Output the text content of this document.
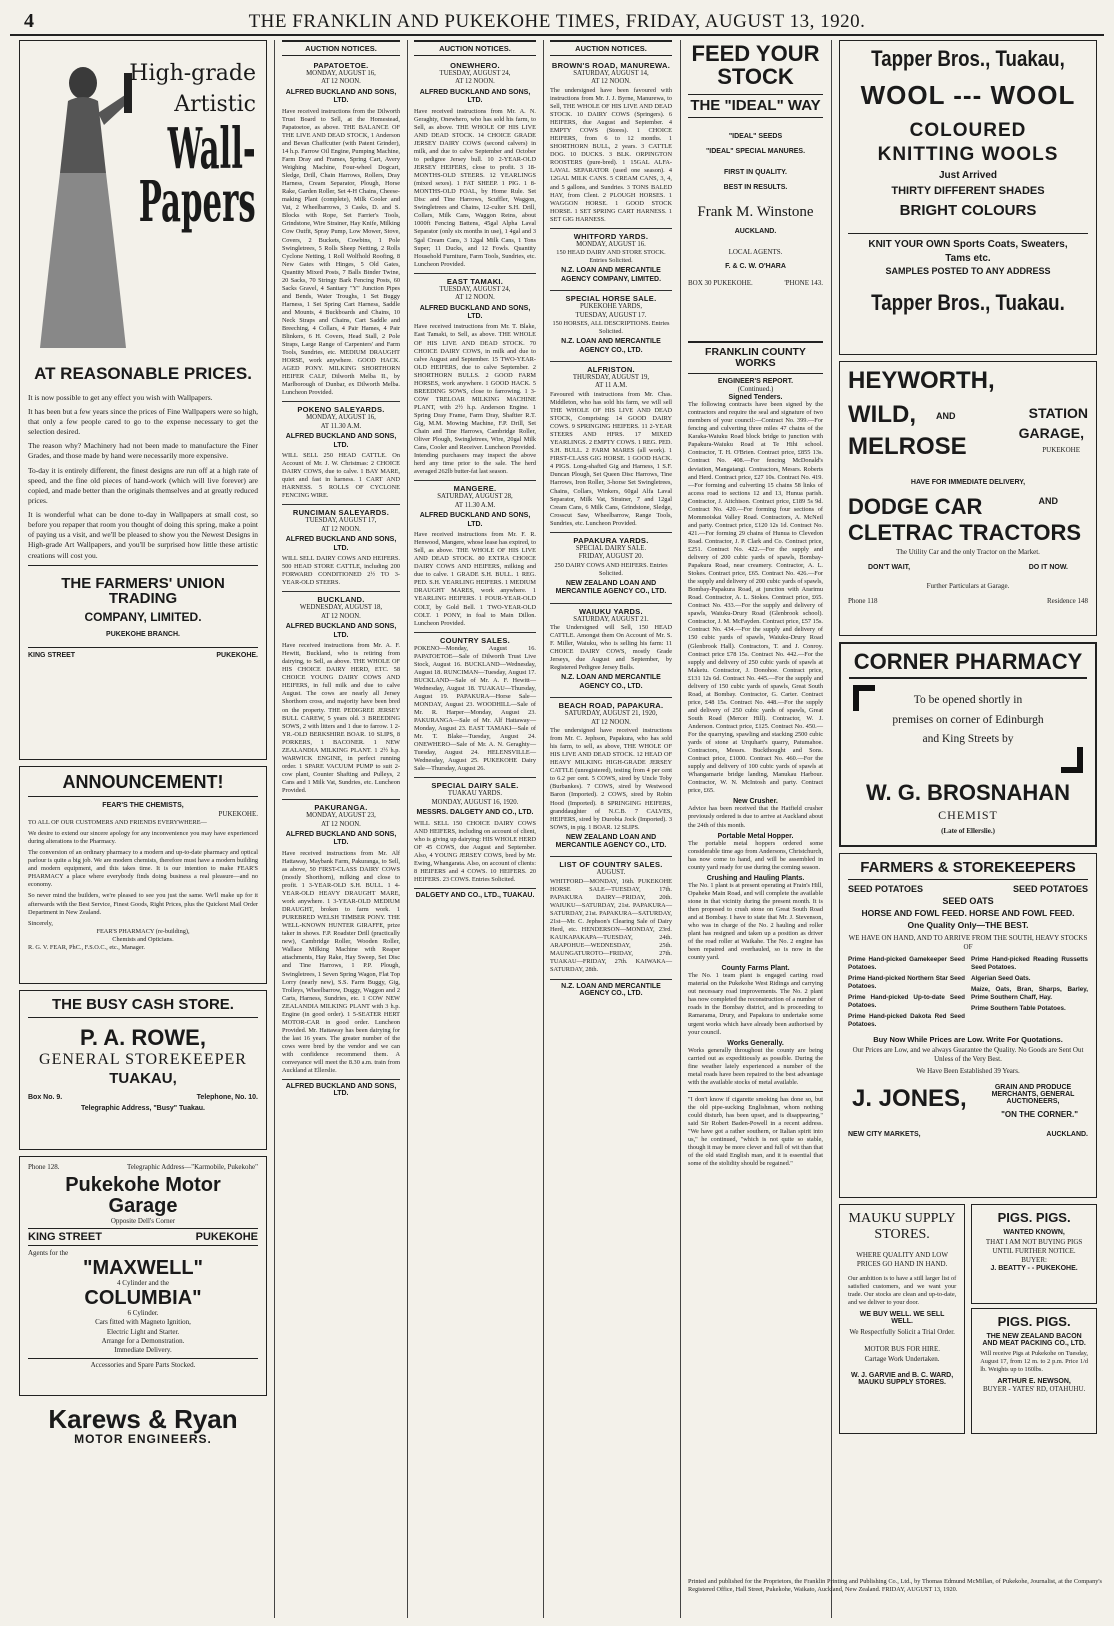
4	THE FRANKLIN AND PUKEKOHE TIMES, FRIDAY, AUGUST 13, 1920.
High-grade
Artistic
Wall-
Papers
AT REASONABLE PRICES.
It is now possible to get any effect you wish with Wallpapers.
It has been but a few years since the prices of Fine Wallpapers were so high, that only a few people cared to go to the expense necessary to get the selection desired.
The reason why? Machinery had not been made to manufacture the Finer Grades, and those made by hand were necessarily more expensive.
To-day it is entirely different, the finest designs are run off at a high rate of speed, and the fine old pieces of hand-work (which will live forever) are copied, and made better than the originals themselves and at greatly reduced prices.
It is wonderful what can be done to-day in Wallpapers at small cost, so before you repaper that room you thought of doing this spring, make a point of paying us a visit, and we'll be pleased to show you the Newest Designs in High-grade Art Wallpapers, and you'll be surprised how little these artistic creations will cost you.
THE FARMERS' UNION TRADING
COMPANY, LIMITED.
PUKEKOHE BRANCH.
KING STREET	PUKEKOHE.
ANNOUNCEMENT!
FEAR'S THE CHEMISTS,
PUKEKOHE.
TO ALL OF OUR CUSTOMERS AND FRIENDS EVERYWHERE—
We desire to extend our sincere apology for any inconvenience you may have experienced during alterations to the Pharmacy.
The conversion of an ordinary pharmacy to a modern and up-to-date pharmacy and optical parlour is quite a big job. We are modern chemists, therefore must have a modern building and modern equipment, and this takes time. It is our intention to make FEAR'S PHARMACY a place where everybody finds doing business a real pleasure—and no economy.
So never mind the builders, we're pleased to see you just the same. We'll make up for it afterwards with the Best Service, Finest Goods, Right Prices, plus the Quickest Mail Order Department in New Zealand.
Sincerely,
FEAR'S PHARMACY (re-building),
Chemists and Opticians.
R. G. V. FEAR, PhC., F.S.O.C., etc., Manager.
THE BUSY CASH STORE.
P. A. ROWE,
GENERAL STOREKEEPER
TUAKAU,
Box No. 9.	Telephone, No. 10.
Telegraphic Address, "Busy" Tuakau.
Phone 128.	Telegraphic Address—"Karmobile, Pukekohe"
Pukekohe Motor Garage
Opposite Dell's Corner
KING STREET	PUKEKOHE
Agents for the
"MAXWELL"
4 Cylinder and the
COLUMBIA"
6 Cylinder.
Cars fitted with Magneto Ignition,
Electric Light and Starter.
Arrange for a Demonstration.
Immediate Delivery.
Accessories and Spare Parts Stocked.
Karews & Ryan
MOTOR ENGINEERS.
AUCTION NOTICES.
PAPATOETOE.
MONDAY, AUGUST 16,
AT 12 NOON.
ALFRED BUCKLAND AND SONS, LTD.
Have received instructions from the Dilworth Trust Board to Sell, at the Homestead, Papatoetoe, as above. THE BALANCE OF THE LIVE AND DEAD STOCK, 1 Anderson and Bevan Chaffcutter (with Patent Grinder), 14 h.p. Farrow Oil Engine, Pumping Machine, Farm Dray and Frames, Spring Cart, Avery Weighing Machine, Four-wheel Dogcart, Sledge, Drill, Chain Harrows, Rollers, Dray Harness, Cream Separator, Plough, Horse Rake, Garden Roller, Set 4-H Chains, Cheese-making Plant (complete), Milk Cooler and Vat, 2 Wheelbarrows, 3 Casks, D. and S. Blocks with Rope, Set Farrier's Tools, Grindstone, Wire Strainer, Hay Knife, Milking Cow Outfit, Spray Pump, Low Mower, Stove, Covers, 2 Buckets, Cowbins, 1 Pole Swingletrees, 5 Rolls Sheep Netting, 2 Rolls Cyclone Netting, 1 Roll Wolfhold Roofing, 8 New Gates with Hinges, 5 Old Gates, Quantity Mixed Posts, 7 Balls Binder Twine, 20 Sacks, 70 Stringy Bark Fencing Posts, 60 Sacks Gravel, 4 Sanitary "Y" Junction Pipes and Bends, Water Troughs, 1 Set Buggy Harness, 1 Set Spring Cart Harness, Saddle and Mounts, 4 Buckboards and Chains, 10 Neck Straps and Chains, Cart Saddle and Breeching, 4 Collars, 4 Pair Hames, 4 Pair Blinkers, 6 H. Covers, Head Stall, 2 Pole Straps, Large Range of Carpenters' and Farm Tools, Sundries, etc. MEDIUM DRAUGHT HORSE, work anywhere. GOOD HACK. AGED PONY. MILKING SHORTHORN HEIFER CALF, Dilworth Melba II., by Marlborough of Dunbar, ex Dilworth Melba. Luncheon Provided.
POKENO SALEYARDS.
MONDAY, AUGUST 16,
AT 11.30 A.M.
ALFRED BUCKLAND AND SONS, LTD.
WILL SELL 250 HEAD CATTLE. On Account of Mr. J. W. Christmas: 2 CHOICE DAIRY COWS, due to calve. 1 BAY MARE, quiet and fast in harness. 1 CART AND HARNESS. 5 ROLLS OF CYCLONE FENCING WIRE.
RUNCIMAN SALEYARDS.
TUESDAY, AUGUST 17,
AT 12 NOON.
ALFRED BUCKLAND AND SONS, LTD.
WILL SELL DAIRY COWS AND HEIFERS. 500 HEAD STORE CATTLE, including 200 FORWARD CONDITIONED 2½ TO 3-YEAR-OLD STEERS.
BUCKLAND.
WEDNESDAY, AUGUST 18,
AT 12 NOON.
ALFRED BUCKLAND AND SONS, LTD.
Have received instructions from Mr. A. F. Hewitt, Buckland, who is retiring from dairying, to Sell, as above. THE WHOLE OF HIS CHOICE DAIRY HERD, ETC. 58 CHOICE YOUNG DAIRY COWS AND HEIFERS, in full milk and due to calve August. The cows are nearly all Jersey Shorthorn cross, and majority have been bred on the property. THE PEDIGREE JERSEY BULL CAREW, 5 years old. 3 BREEDING SOWS, 2 with litters and 1 due to farrow. 1 2-YR.-OLD BERKSHIRE BOAR. 10 SLIPS, 8 PORKERS, 1 BACONER. 1 NEW ZEALANDIA MILKING PLANT. 1 2½ h.p. WARWICK ENGINE, in perfect running order. 1 SPARE VACUUM PUMP to suit 2-cow plant, Counter Shafting and Pulleys, 2 Cans and 1 Milk Vat, Sundries, etc. Luncheon Provided.
PAKURANGA.
MONDAY, AUGUST 23,
AT 12 NOON.
ALFRED BUCKLAND AND SONS, LTD.
Have received instructions from Mr. Alf Hattaway, Maybank Farm, Pakuranga, to Sell, as above, 50 FIRST-CLASS DAIRY COWS (mostly Shorthorn), milking and close to profit. 1 3-YEAR-OLD S.H. BULL. 1 4-YEAR-OLD HEAVY DRAUGHT MARE, work anywhere. 1 3-YEAR-OLD MEDIUM DRAUGHT, broken to farm work. 1 PUREBRED WELSH TIMBER PONY. THE WELL-KNOWN HUNTER GIRAFFE, prize taker in shows. F.P. Roadster Drill (practically new), Cambridge Roller, Wooden Roller, Wallace Milking Machine with Reaper attachments, Hay Rake, Hay Sweep, Set Disc and Tine Harrows, 1 P.P. Plough, Swingletrees, 1 Seven Spring Wagon, Flat Top Lorry (nearly new), S.S. Farm Buggy, Gig, Trolleys, Wheelbarrow, Duggy, Waggon and 2 Carts, Harness, Sundries, etc. 1 COW NEW ZEALANDIA MILKING PLANT with 3 h.p. Engine (in good order). 1 5-SEATER HERT MOTOR-CAR in good order. Luncheon Provided. Mr. Hattaway has been dairying for the last 16 years. The greater number of the cows were bred by the vendor and we can with confidence recommend them. A conveyance will meet the 8.30 a.m. train from Auckland at Ellerslie.
ALFRED BUCKLAND AND SONS, LTD.
AUCTION NOTICES.
ONEWHERO.
TUESDAY, AUGUST 24,
AT 12 NOON.
ALFRED BUCKLAND AND SONS, LTD.
Have received instructions from Mr. A. N. Geraghty, Onewhero, who has sold his farm, to Sell, as above. THE WHOLE OF HIS LIVE AND DEAD STOCK. 14 CHOICE GRADE JERSEY DAIRY COWS (second calvers) in milk, and due to calve September and October to pedigree Jersey bull. 10 2-YEAR-OLD JERSEY HEIFERS, close to profit. 3 18-MONTHS-OLD STEERS. 12 YEARLINGS (mixed sexes). 1 FAT SHEEP. 1 PIG. 1 8-MONTHS-OLD FOAL, by Home Rule. Set Disc and Tine Harrows, Scuffler, Waggon, Swingletrees and Chains, 12-culter S.H. Drill, Collars, Milk Cans, Waggon Reins, about 1000ft Fencing Battens, 45gal Alpha Laval Separator (only six months in use), 1 4gal and 3 5gal Cream Cans, 3 12gal Milk Cans, 1 Tons Super; 11 Ducks, and 12 Fowls. Quantity Household Furniture, Farm Tools, Sundries, etc. Luncheon Provided.
EAST TAMAKI.
TUESDAY, AUGUST 24,
AT 12 NOON.
ALFRED BUCKLAND AND SONS, LTD.
Have received instructions from Mr. T. Blake, East Tamaki, to Sell, as above. THE WHOLE OF HIS LIVE AND DEAD STOCK. 70 CHOICE DAIRY COWS, in milk and due to calve August and September. 15 TWO-YEAR-OLD HEIFERS, due to calve September. 2 SHORTHORN BULLS. 2 GOOD FARM HORSES, work anywhere. 1 GOOD HACK. 5 BREEDING SOWS, close to farrowing. 1 3-COW TRELOAR MILKING MACHINE PLANT, with 2½ h.p. Anderson Engine. 1 Spring Dray Frame, Farm Dray, Shaftter R.T. Gig, M.M. Mowing Machine, F.P. Drill, Set Chain and Tine Harrows, Cambridge Roller, Oliver Plough, Swingletrees, Wire, 20gal Milk Cans, Cooler and Receiver. Luncheon Provided. Intending purchasers may inspect the above herd any time prior to the sale. The herd averaged 262lb butter-fat last season.
MANGERE.
SATURDAY, AUGUST 28,
AT 11.30 A.M.
ALFRED BUCKLAND AND SONS, LTD.
Have received instructions from Mr. F. R. Henwood, Mangere, whose lease has expired, to Sell, as above. THE WHOLE OF HIS LIVE AND DEAD STOCK. 80 EXTRA CHOICE DAIRY COWS AND HEIFERS, milking and due to calve. 1 GRADE S.H. BULL. 1 REG. PED. S.H. YEARLING HEIFERS. 1 MEDIUM DRAUGHT MARES, work anywhere. 1 YEARLING HEIFERS. 1 FOUR-YEAR-OLD COLT, by Gold Bell. 1 TWO-YEAR-OLD COLT. 1 PONY, in foal to Main Dillon. Luncheon Provided.
COUNTRY SALES.
POKENO—Monday, August 16. PAPATOETOE—Sale of Dilworth Trust Live Stock, August 16. BUCKLAND—Wednesday, August 18. RUNCIMAN—Tuesday, August 17. BUCKLAND—Sale of Mr. A. F. Hewitt—Wednesday, August 18. TUAKAU—Thursday, August 19. PAPAKURA—Horse Sale—MONDAY, August 23. WOODHILL—Sale of Mr. R. Harper—Monday, August 23. PAKURANGA—Sale of Mr. Alf Hattaway—Monday, August 23. EAST TAMAKI—Sale of Mr. T. Blake—Tuesday, August 24. ONEWHERO—Sale of Mr. A. N. Geraghty—Tuesday, August 24. HELENSVILLE—Wednesday, August 25. PUKEKOHE Dairy Sale—Thursday, August 26.
SPECIAL DAIRY SALE.
TUAKAU YARDS.
MONDAY, AUGUST 16, 1920.
MESSRS. DALGETY AND CO., LTD.
WILL SELL 150 CHOICE DAIRY COWS AND HEIFERS, including on account of client, who is giving up dairying: HIS WHOLE HERD OF 45 COWS, due August and September. Also, 4 YOUNG JERSEY COWS, bred by Mr. Ewing, Whangarata. Also, on account of clients: 8 HEIFERS and 4 COWS. 10 HEIFERS. 20 HEIFERS. 23 COWS. Entries Solicited.
DALGETY AND CO., LTD., TUAKAU.
AUCTION NOTICES.
BROWN'S ROAD, MANUREWA.
SATURDAY, AUGUST 14,
AT 12 NOON.
The undersigned have been favoured with instructions from Mr. J. J. Byrne, Manurewa, to Sell, THE WHOLE OF HIS LIVE AND DEAD STOCK. 10 DAIRY COWS (Springers). 6 HEIFERS, due August and September. 4 EMPTY COWS (Stores). 1 CHOICE HEIFERS, from 6 to 12 months. 1 SHORTHORN BULL, 2 years. 3 CATTLE DOG. 10 DUCKS. 3 BLK. ORPINGTON ROOSTERS (pure-bred). 1 15GAL ALFA-LAVAL SEPARATOR (used one season). 4 12GAL MILK CANS. 5 CREAM CANS, 3, 4, and 5 gallons, and Sundries. 3 TONS BALED HAY, from Clent. 2 PLOUGH HORSES. 1 WAGGON HORSE. 1 GOOD STOCK HORSE. 1 SET SPRING CART HARNESS. 1 SET GIG HARNESS.
WHITFORD YARDS.
MONDAY, AUGUST 16.
150 HEAD DAIRY AND STORE STOCK. Entries Solicited.
N.Z. LOAN AND MERCANTILE AGENCY COMPANY, LIMITED.
SPECIAL HORSE SALE.
PUKEKOHE YARDS,
TUESDAY, AUGUST 17.
150 HORSES, ALL DESCRIPTIONS. Entries Solicited.
N.Z. LOAN AND MERCANTILE AGENCY CO., LTD.
ALFRISTON.
THURSDAY, AUGUST 19,
AT 11 A.M.
Favoured with instructions from Mr. Chas. Middleton, who has sold his farm, we will sell THE WHOLE OF HIS LIVE AND DEAD STOCK, Comprising: 14 GOOD DAIRY COWS. 9 SPRINGING HEIFERS. 11 2-YEAR STEERS AND HFRS. 17 MIXED YEARLINGS. 2 EMPTY COWS. 1 REG. PED. S.H. BULL. 2 FARM MARES (all work). 1 FIRST-CLASS GIG HORSE. 1 GOOD HACK. 4 PIGS. Long-shafted Gig and Harness, 1 S.F. Duncan Plough, Set Queen Disc Harrows, Tine Harrows, Iron Roller, 3-horse Set Swingletrees, Chains, Collars, Winkers, 60gal Alfa Laval Separator, Milk Vat, Strainer, 7 and 12gal Cream Cans, 6 Milk Cans, Grindstone, Sledge, Crosscut Saw, Wheelbarrow, Range Tools, Sundries, etc. Luncheon Provided.
PAPAKURA YARDS.
SPECIAL DAIRY SALE.
FRIDAY, AUGUST 20.
250 DAIRY COWS AND HEIFERS. Entries Solicited.
NEW ZEALAND LOAN AND MERCANTILE AGENCY CO., LTD.
WAIUKU YARDS.
SATURDAY, AUGUST 21.
The Undersigned will Sell, 150 HEAD CATTLE. Amongst them On Account of Mr. S. F. Miller, Waiuku, who is selling his farm: 11 CHOICE DAIRY COWS, mostly Grade Jerseys, due August and September, by Registered Pedigree Jersey Bulls.
N.Z. LOAN AND MERCANTILE AGENCY CO., LTD.
BEACH ROAD, PAPAKURA.
SATURDAY, AUGUST 21, 1920,
AT 12 NOON.
The undersigned have received instructions from Mr. C. Jephson, Papakura, who has sold his farm, to sell, as above, THE WHOLE OF HIS LIVE AND DEAD STOCK. 12 HEAD OF HEAVY MILKING HIGH-GRADE JERSEY CATTLE (unregistered), testing from 4 per cent to 6.2 per cent. 5 COWS, sired by Uncle Toby (Burbankes). 7 COWS, sired by Westwood Baron (Imported). 2 COWS, sired by Robin Hood (Imported). 8 SPRINGING HEIFERS, granddaughter of N.C.B. 7 CALVES, HEIFERS, sired by Durobia Jock (Imported). 3 SOWS, in pig. 1 BOAR. 12 SLIPS.
NEW ZEALAND LOAN AND MERCANTILE AGENCY CO., LTD.
LIST OF COUNTRY SALES.
AUGUST.
WHITFORD—MONDAY, 16th. PUKEKOHE HORSE SALE—TUESDAY, 17th. PAPAKURA DAIRY—FRIDAY, 20th. WAIUKU—SATURDAY, 21st. PAPAKURA—SATURDAY, 21st. PAPAKURA—SATURDAY, 21st—Mr. C. Jephson's Clearing Sale of Dairy Herd, etc. HENDERSON—MONDAY, 23rd. KAUKAPAKAPA—TUESDAY, 24th. ARAPOHUE—WEDNESDAY, 25th. MAUNGATUROTO—FRIDAY, 27th. TUAKAU—FRIDAY, 27th. KAIWAKA—SATURDAY, 28th.
N.Z. LOAN AND MERCANTILE AGENCY CO., LTD.
FEED YOUR
STOCK
THE "IDEAL" WAY
"IDEAL" SEEDS
"IDEAL" SPECIAL MANURES.
FIRST IN QUALITY.
BEST IN RESULTS.
Frank M. Winstone
AUCKLAND.
LOCAL AGENTS.
F. & C. W. O'HARA
BOX 30 PUKEKOHE.	'PHONE 143.
FRANKLIN COUNTY WORKS
ENGINEER'S REPORT.
(Continued.)
Signed Tenders.
The following contracts have been signed by the contractors and require the seal and signature of two members of your council:—Contract No. 399.—For fencing and culverting three miles 47 chains of the Karaka-Waiuku Road block bridge to junction with Papakura-Waiuku Road at Te Hihi school. Contractor, T. H. O'Brien. Contract price, £855 13s. Contract No. 408.—For fencing McDonald's deviation, Mangatangi. Contractors, Messrs. Roberts and Herd. Contract price, £27 10s. Contract No. 419.—For forming and culverting 15 chains 58 links of access road to sections 12 and 13, Hunua parish. Contractor, J. Aitchison. Contract price, £189 5s 9d. Contract No. 420.—For forming four sections of Mommoiskai Valley Road. Contractors, A. McNeil and party. Contract price, £120 12s 1d. Contract No. 421.—For forming 29 chains of Hunua to Clevedon Road. Contractor, J. P. Clark and Co. Contract price, £251. Contract No. 422.—For the supply and delivery of 200 cubic yards of spawls, Bombay-Papakura Road, near creamery. Contractor, A. L. Stokes. Contract price, £65. Contract No. 426.—For the supply and delivery of 200 cubic yards of spawls, Bombay-Papakura Road, at junction with Ararimu Road. Contractor, A. L. Stokes. Contract price, £65. Contract No. 433.—For the supply and delivery of spawls, Waiuku-Drury Road (Glenbrook school). Contractor, J. M. McFayden. Contract price, £57 15s. Contract No. 434.—For the supply and delivery of 150 cubic yards of spawls, Waiuku-Drury Road (Glenbrook Hall). Contractors, T. and J. Conroy. Contract price £78 15s. Contract No. 442.—For the supply and delivery of 250 cubic yards of spawls at Maketu. Contractor, J. Donohoe. Contract price, £131 12s 6d. Contract No. 445.—For the supply and delivery of 150 cubic yards of spawls, Great South Road, at Bombay. Contractor, G. Carter. Contract price, £48 15s. Contract No. 448.—For the supply and delivery of 250 cubic yards of spawls, Great South Road (Mercer Hill). Contractor, W. J. Anderson. Contract price, £125. Contract No. 450.—For the quarrying, spawling and stacking 2500 cubic yards of stone at Urquhart's quarry, Patumahoe. Contractors, Messrs. Buckthought and Sons. Contract price, £1000. Contract No. 460.—For the supply and delivery of 100 cubic yards of spawls at Whangamarie bridge landing, Manukau Harbour. Contractor, W. N. McIntosh and party. Contract price, £65.
New Crusher.
Advice has been received that the Hatfield crusher previously ordered is due to arrive at Auckland about the 24th of this month.
Portable Metal Hopper.
The portable metal hoppers ordered some considerable time ago from Andersons, Christchurch, has now come to hand, and will be assembled in county yard ready for use during the coming season.
Crushing and Hauling Plants.
The No. 1 plant is at present operating at Frain's Hill, Opaheke Main Road, and will complete the available stone in that vicinity during the present month. It is then proposed to crush stone on Great South Road and at Bombay. I have to state that Mr. J. Stevenson, who was in charge of the No. 2 hauling and roller plant has resigned and taken up a position as driver of the road roller at Waikahe. The No. 2 engine has been repaired and overhauled, so is now in the county yard.
County Farms Plant.
The No. 1 team plant is engaged carting road material on the Pukekohe West Ridings and carrying out necessary road improvements. The No. 2 plant has now completed the reconstruction of a number of roads in the Bombay district, and is proceeding to Ramarama, Drury, and Papakura to undertake some urgent works which have already been authorised by your council.
Works Generally.
Works generally throughout the county are being carried out as expeditiously as possible. During the fine weather lately experienced a number of the metal roads have been repaired to the best advantage with the available stocks of metal available.
"I don't know if cigarette smoking has done so, but the old pipe-sucking Englishman, whom nothing could disturb, has been upset, and is disappearing," said Sir Robert Baden-Powell in a recent address. "We have got a rather southern, or Italian spirit into us," he continued, "which is not quite so stable, though it may be more clever and full of wit than that of the old staid English man, and it is essential that some of the stolidity should be regained."
Tapper Bros., Tuakau,
WOOL --- WOOL
COLOURED
KNITTING WOOLS
Just Arrived
THIRTY DIFFERENT SHADES
BRIGHT COLOURS
KNIT YOUR OWN Sports Coats, Sweaters,
Tams etc.
SAMPLES POSTED TO ANY ADDRESS
Tapper Bros., Tuakau.
HEYWORTH,
WILD, AND
MELROSE
STATION
GARAGE,
PUKEKOHE
HAVE FOR IMMEDIATE DELIVERY,
DODGE CAR	AND
CLETRAC TRACTORS
The Utility Car and the only Tractor on the Market.
DON'T WAIT,	DO IT NOW.
Further Particulars at Garage.
Phone 118	Residence 148
CORNER PHARMACY
To be opened shortly in
premises on corner of Edinburgh
and King Streets by
W. G. BROSNAHAN
CHEMIST
(Late of Ellerslie.)
FARMERS & STOREKEEPERS
SEED POTATOES	SEED POTATOES
SEED OATS
HORSE AND FOWL FEED. HORSE AND FOWL FEED.
One Quality Only—THE BEST.
WE HAVE ON HAND, AND TO ARRIVE FROM THE SOUTH, HEAVY STOCKS OF
Prime Hand-picked Gamekeeper Seed Potatoes.
Prime Hand-picked Northern Star Seed Potatoes.
Prime Hand-picked Up-to-date Seed Potatoes.
Prime Hand-picked Dakota Red Seed Potatoes.
Prime Hand-picked Reading Russetts Seed Potatoes.
Algerian Seed Oats.
Maize, Oats, Bran, Sharps, Barley, Prime Southern Chaff, Hay.
Prime Southern Table Potatoes.
Buy Now While Prices are Low. Write For Quotations.
Our Prices are Low, and we always Guarantee the Quality. No Goods are Sent Out Unless of the Very Best.
We Have Been Established 39 Years.
J. JONES,	GRAIN AND PRODUCE MERCHANTS, GENERAL AUCTIONEERS,
"ON THE CORNER."
NEW CITY MARKETS,	AUCKLAND.
MAUKU SUPPLY
STORES.
WHERE QUALITY AND LOW PRICES GO HAND IN HAND.
Our ambition is to have a still larger list of satisfied customers, and we want your trade. Our stocks are clean and up-to-date, and we deliver to your door.
WE BUY WELL. WE SELL WELL.
We Respectfully Solicit a Trial Order.
MOTOR BUS FOR HIRE.
Cartage Work Undertaken.
W. J. GARVIE and B. C. WARD,
MAUKU SUPPLY STORES.
PIGS. PIGS.
WANTED KNOWN,
THAT I AM NOT BUYING PIGS UNTIL FURTHER NOTICE.
BUYER:
J. BEATTY - - PUKEKOHE.
PIGS. PIGS.
THE NEW ZEALAND BACON AND MEAT PACKING CO., LTD.
Will receive Pigs at Pukekohe on Tuesday, August 17, from 12 m. to 2 p.m. Price 1/d lb. Weights up to 160lbs.
ARTHUR E. NEWSON,
BUYER - YATES' RD, OTAHUHU.
Printed and published for the Proprietors, the Franklin Printing and Publishing Co., Ltd., by Thomas Edmund McMillan, of Pukekohe, Journalist, at the Company's Registered Office, Hall Street, Pukekohe, Waikato, Auckland, New Zealand. FRIDAY, AUGUST 13, 1920.
